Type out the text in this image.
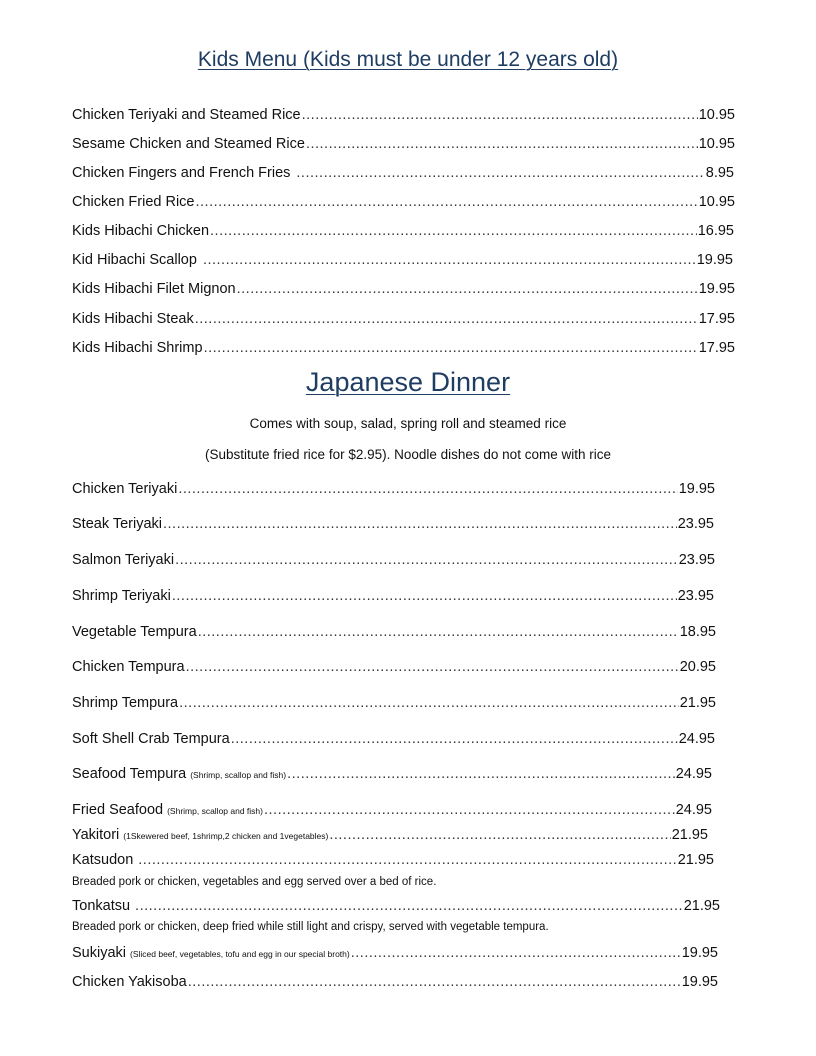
Kids Menu (Kids must be under 12 years old)
Chicken Teriyaki and Steamed Rice .....	10.95
Sesame Chicken and Steamed Rice .....	10.95
Chicken Fingers and French Fries .....	8.95
Chicken Fried Rice .....	10.95
Kids Hibachi Chicken .....	16.95
Kid Hibachi Scallop .....	19.95
Kids Hibachi Filet Mignon .....	19.95
Kids Hibachi Steak .....	17.95
Kids Hibachi Shrimp .....	17.95
Japanese Dinner
Comes with soup, salad, spring roll and steamed rice
(Substitute fried rice for $2.95). Noodle dishes do not come with rice
Chicken Teriyaki .....	19.95
Steak Teriyaki .....	23.95
Salmon Teriyaki .....	23.95
Shrimp Teriyaki .....	23.95
Vegetable Tempura .....	18.95
Chicken Tempura .....	20.95
Shrimp Tempura .....	21.95
Soft Shell Crab Tempura .....	24.95
Seafood Tempura (Shrimp, scallop and fish) .....	24.95
Fried Seafood (Shrimp, scallop and fish) .....	24.95
Yakitori (1Skewered beef, 1shrimp,2 chicken and 1vegetables) .....	21.95
Katsudon .....	21.95
Breaded pork or chicken, vegetables and egg served over a bed of rice.
Tonkatsu .....	21.95
Breaded pork or chicken, deep fried while still light and crispy, served with vegetable tempura.
Sukiyaki (Sliced beef, vegetables, tofu and egg in our special broth) .....	19.95
Chicken Yakisoba .....	19.95
